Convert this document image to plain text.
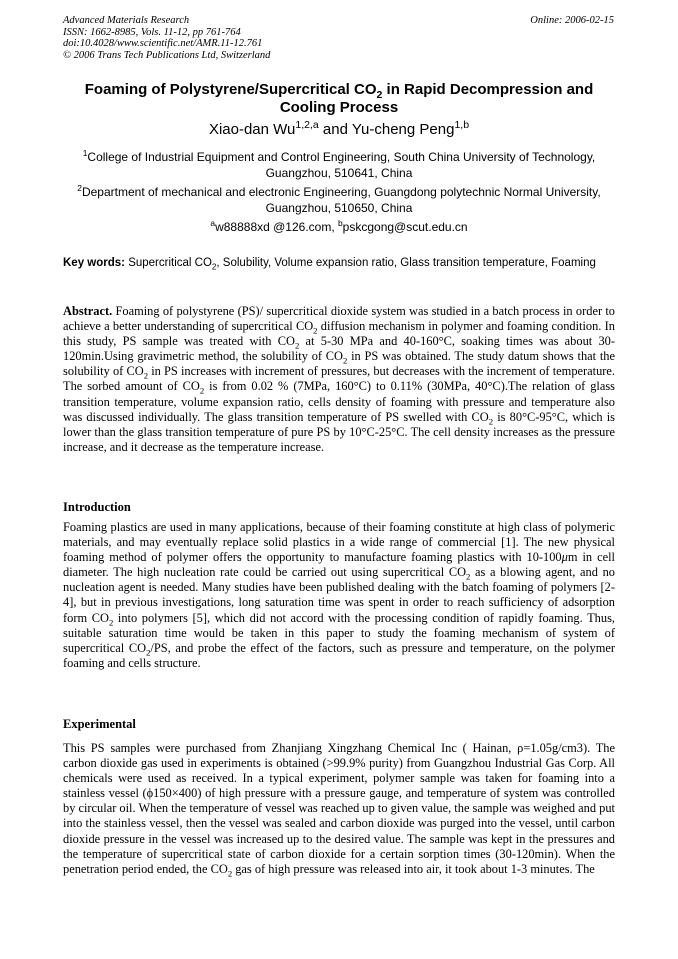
Advanced Materials Research
ISSN: 1662-8985, Vols. 11-12, pp 761-764
doi:10.4028/www.scientific.net/AMR.11-12.761
© 2006 Trans Tech Publications Ltd, Switzerland
Online: 2006-02-15
Foaming of Polystyrene/Supercritical $CO_2$ in Rapid Decompression and Cooling Process
Xiao-dan Wu$^{1,2,a}$ and Yu-cheng Peng$^{1,b}$
$^1$College of Industrial Equipment and Control Engineering, South China University of Technology, Guangzhou, 510641, China
$^2$Department of mechanical and electronic Engineering, Guangdong polytechnic Normal University, Guangzhou, 510650, China
$^a$w88888xd @126.com, $^b$pskcgong@scut.edu.cn
Key words: Supercritical $CO_2$, Solubility, Volume expansion ratio, Glass transition temperature, Foaming
Abstract. Foaming of polystyrene (PS)/ supercritical dioxide system was studied in a batch process in order to achieve a better understanding of supercritical $CO_2$ diffusion mechanism in polymer and foaming condition. In this study, PS sample was treated with $CO_2$ at 5-30 MPa and 40-160°C, soaking times was about 30-120min.Using gravimetric method, the solubility of $CO_2$ in PS was obtained. The study datum shows that the solubility of $CO_2$ in PS increases with increment of pressures, but decreases with the increment of temperature. The sorbed amount of $CO_2$ is from 0.02 % (7MPa, 160°C) to 0.11% (30MPa, 40°C).The relation of glass transition temperature, volume expansion ratio, cells density of foaming with pressure and temperature also was discussed individually. The glass transition temperature of PS swelled with $CO_2$ is 80°C-95°C, which is lower than the glass transition temperature of pure PS by 10°C-25°C. The cell density increases as the pressure increase, and it decrease as the temperature increase.
Introduction
Foaming plastics are used in many applications, because of their foaming constitute at high class of polymeric materials, and may eventually replace solid plastics in a wide range of commercial [1]. The new physical foaming method of polymer offers the opportunity to manufacture foaming plastics with 10-100μm in cell diameter. The high nucleation rate could be carried out using supercritical $CO_2$ as a blowing agent, and no nucleation agent is needed. Many studies have been published dealing with the batch foaming of polymers [2-4], but in previous investigations, long saturation time was spent in order to reach sufficiency of adsorption form $CO_2$ into polymers [5], which did not accord with the processing condition of rapidly foaming. Thus, suitable saturation time would be taken in this paper to study the foaming mechanism of system of supercritical $CO_2/PS$, and probe the effect of the factors, such as pressure and temperature, on the polymer foaming and cells structure.
Experimental
This PS samples were purchased from Zhanjiang Xingzhang Chemical Inc ( Hainan, ρ=1.05g/cm3). The carbon dioxide gas used in experiments is obtained (>99.9% purity) from Guangzhou Industrial Gas Corp. All chemicals were used as received. In a typical experiment, polymer sample was taken for foaming into a stainless vessel (ϕ150×400) of high pressure with a pressure gauge, and temperature of system was controlled by circular oil. When the temperature of vessel was reached up to given value, the sample was weighed and put into the stainless vessel, then the vessel was sealed and carbon dioxide was purged into the vessel, until carbon dioxide pressure in the vessel was increased up to the desired value. The sample was kept in the pressures and the temperature of supercritical state of carbon dioxide for a certain sorption times (30-120min). When the penetration period ended, the $CO_2$ gas of high pressure was released into air, it took about 1-3 minutes. The
